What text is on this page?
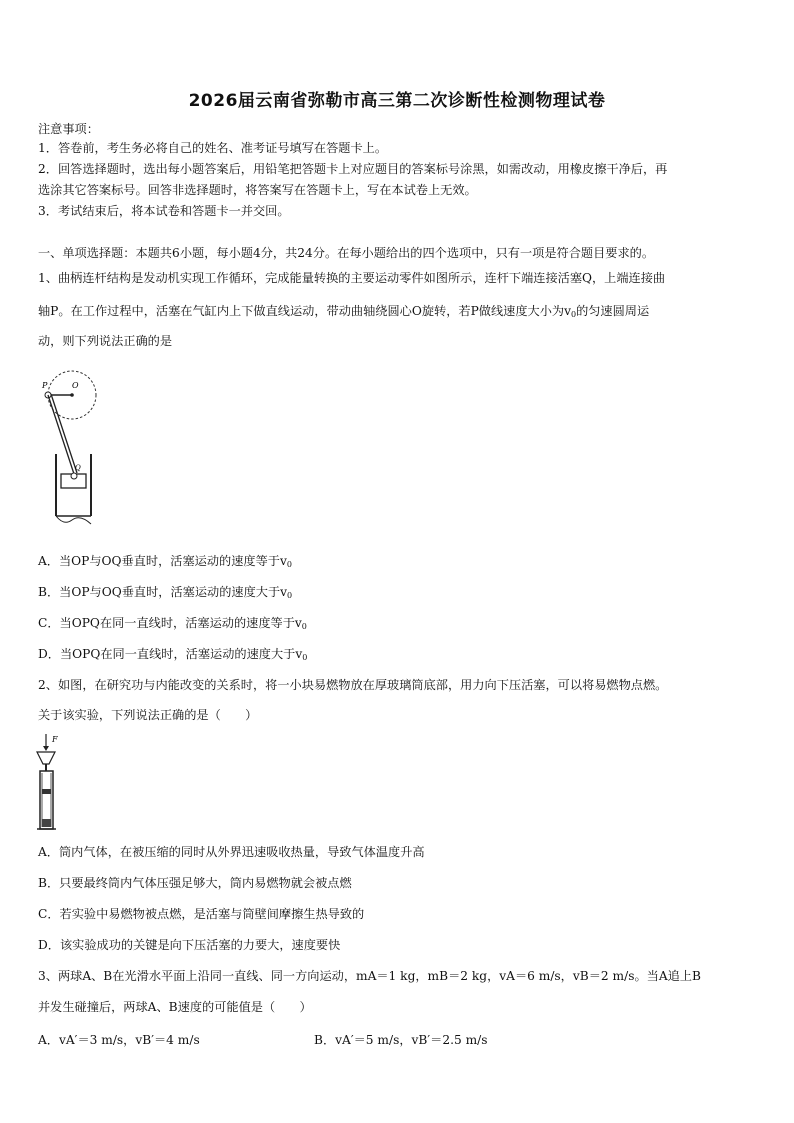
2026届云南省弥勒市高三第二次诊断性检测物理试卷
注意事项：
1．答卷前，考生务必将自己的姓名、准考证号填写在答题卡上。
2．回答选择题时，选出每小题答案后，用铅笔把答题卡上对应题目的答案标号涂黑，如需改动，用橡皮擦干净后，再
选涂其它答案标号。回答非选择题时，将答案写在答题卡上，写在本试卷上无效。
3．考试结束后，将本试卷和答题卡一并交回。
一、单项选择题：本题共6小题，每小题4分，共24分。在每小题给出的四个选项中，只有一项是符合题目要求的。
1、曲柄连杆结构是发动机实现工作循环，完成能量转换的主要运动零件如图所示，连杆下端连接活塞Q，上端连接曲
轴P。在工作过程中，活塞在气缸内上下做直线运动，带动曲轴绕圆心O旋转，若P做线速度大小为$v_0$的匀速圆周运
动，则下列说法正确的是
P	O
Q
A．当OP与OQ垂直时，活塞运动的速度等于$v_0$
B．当OP与OQ垂直时，活塞运动的速度大于$v_0$
C．当OPQ在同一直线时，活塞运动的速度等于$v_0$
D．当OPQ在同一直线时，活塞运动的速度大于$v_0$
2、如图，在研究功与内能改变的关系时，将一小块易燃物放在厚玻璃筒底部，用力向下压活塞，可以将易燃物点燃。
关于该实验，下列说法正确的是（　　）
F
A．筒内气体，在被压缩的同时从外界迅速吸收热量，导致气体温度升高
B．只要最终筒内气体压强足够大，筒内易燃物就会被点燃
C．若实验中易燃物被点燃，是活塞与筒壁间摩擦生热导致的
D．该实验成功的关键是向下压活塞的力要大，速度要快
3、两球A、B在光滑水平面上沿同一直线、同一方向运动，mA＝1 kg，mB＝2 kg，vA＝6 m/s，vB＝2 m/s。当A追上B
并发生碰撞后，两球A、B速度的可能值是（　　）
A．vA′＝3 m/s，vB′＝4 m/s	B．vA′＝5 m/s，vB′＝2.5 m/s
